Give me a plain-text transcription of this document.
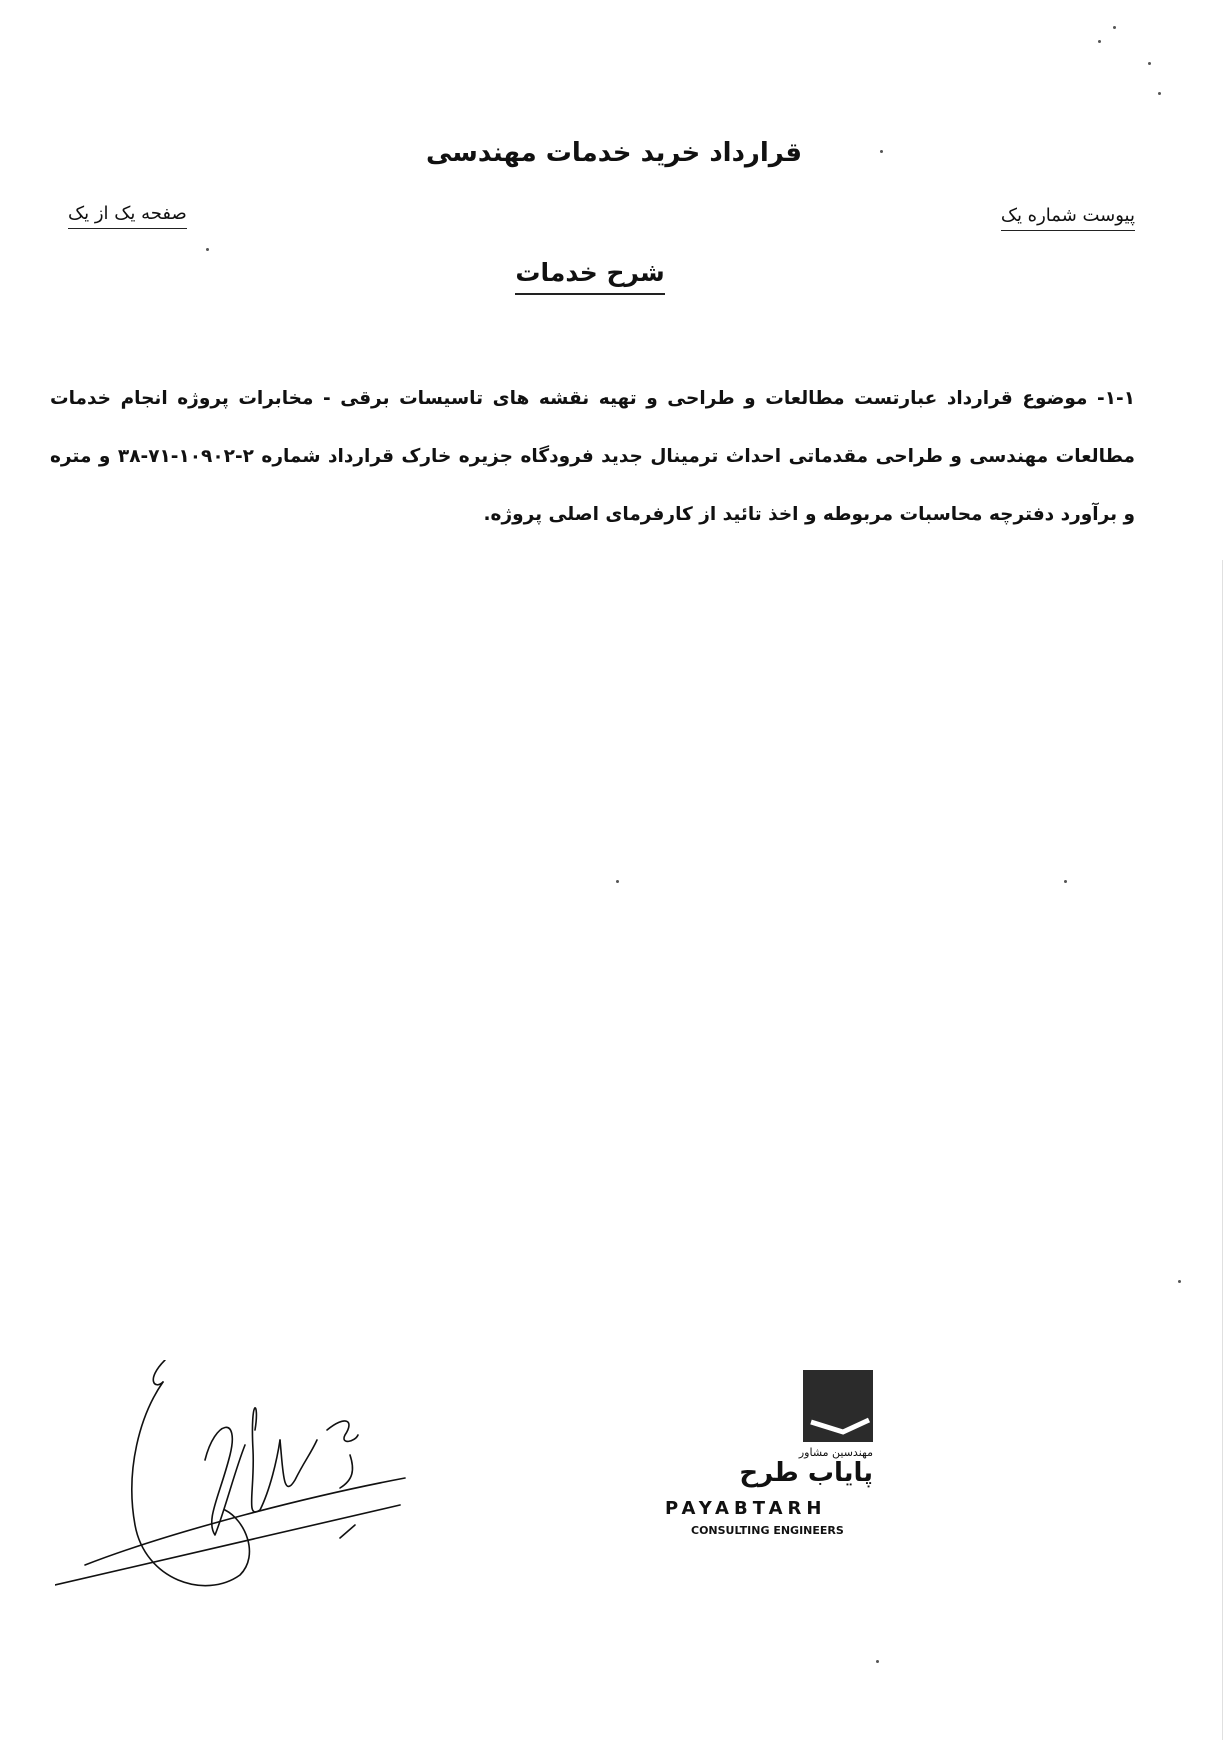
قرارداد خرید خدمات مهندسی
پیوست شماره یک
صفحه یک از یک
شرح خدمات
۱-۱- موضوع قرارداد عبارتست مطالعات و طراحی و تهیه نقشه های تاسیسات برقی - مخابرات پروژه انجام خدمات مطالعات مهندسی و طراحی مقدماتی احداث ترمینال جدید فرودگاه جزیره خارک قرارداد شماره ۲-۱۰۹۰۲-۷۱-۳۸ و متره و برآورد دفترچه محاسبات مربوطه و اخذ تائید از کارفرمای اصلی پروژه.
مهندسین مشاور
پایاب طرح
PAYABTARH
CONSULTING ENGINEERS
